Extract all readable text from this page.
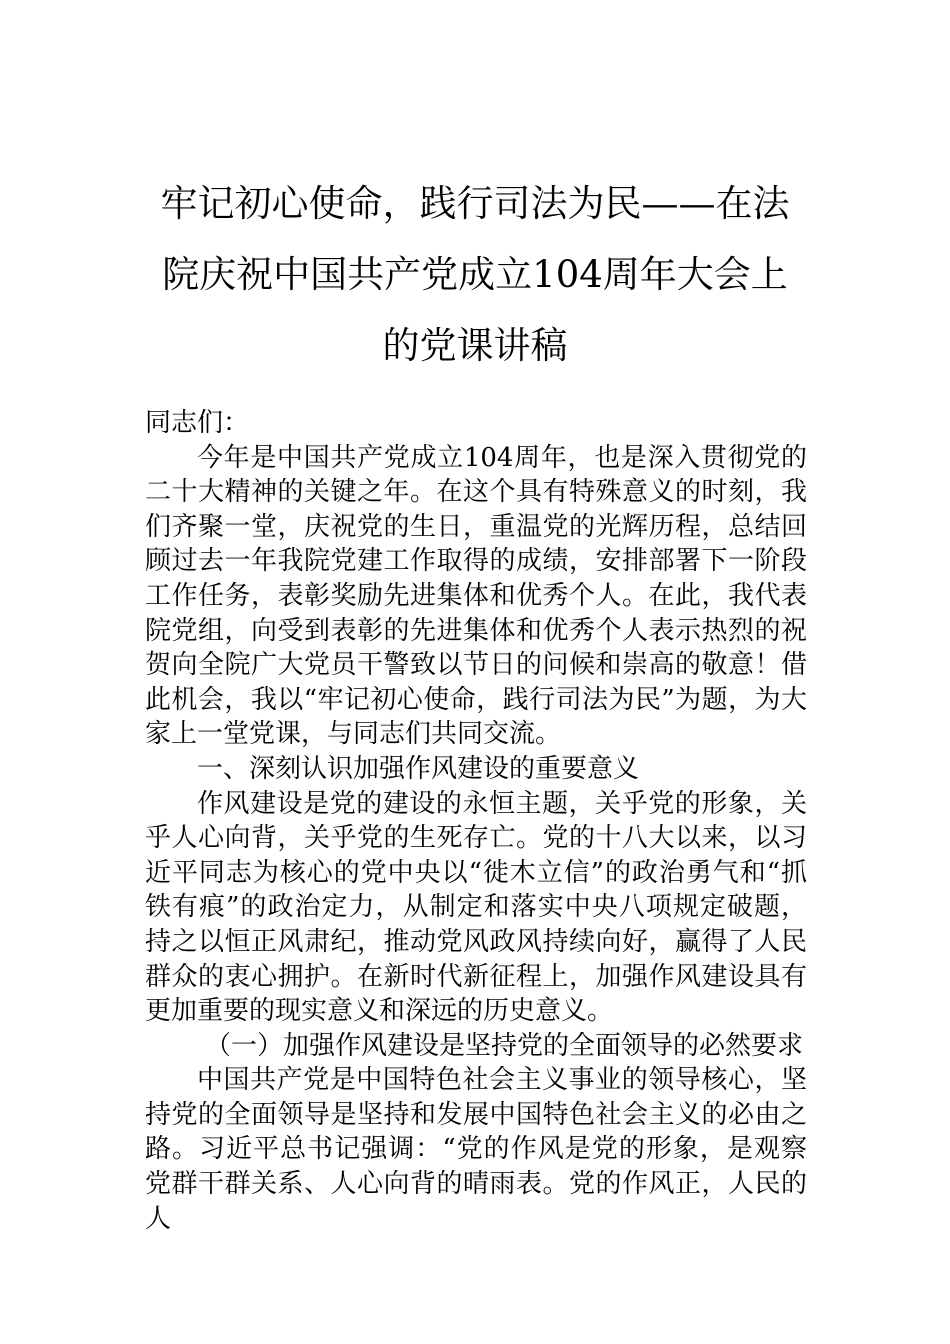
牢记初心使命，践行司法为民——在法院庆祝中国共产党成立104周年大会上的党课讲稿

同志们：

今年是中国共产党成立104周年，也是深入贯彻党的二十大精神的关键之年。在这个具有特殊意义的时刻，我们齐聚一堂，庆祝党的生日，重温党的光辉历程，总结回顾过去一年我院党建工作取得的成绩，安排部署下一阶段工作任务，表彰奖励先进集体和优秀个人。在此，我代表院党组，向受到表彰的先进集体和优秀个人表示热烈的祝贺向全院广大党员干警致以节日的问候和崇高的敬意！借此机会，我以“牢记初心使命，践行司法为民”为题，为大家上一堂党课，与同志们共同交流。

一、深刻认识加强作风建设的重要意义

作风建设是党的建设的永恒主题，关乎党的形象，关乎人心向背，关乎党的生死存亡。党的十八大以来，以习近平同志为核心的党中央以“徙木立信”的政治勇气和“抓铁有痕”的政治定力，从制定和落实中央八项规定破题，持之以恒正风肃纪，推动党风政风持续向好，赢得了人民群众的衷心拥护。在新时代新征程上，加强作风建设具有更加重要的现实意义和深远的历史意义。

（一）加强作风建设是坚持党的全面领导的必然要求

中国共产党是中国特色社会主义事业的领导核心，坚持党的全面领导是坚持和发展中国特色社会主义的必由之路。习近平总书记强调：“党的作风是党的形象，是观察党群干群关系、人心向背的晴雨表。党的作风正，人民的人
